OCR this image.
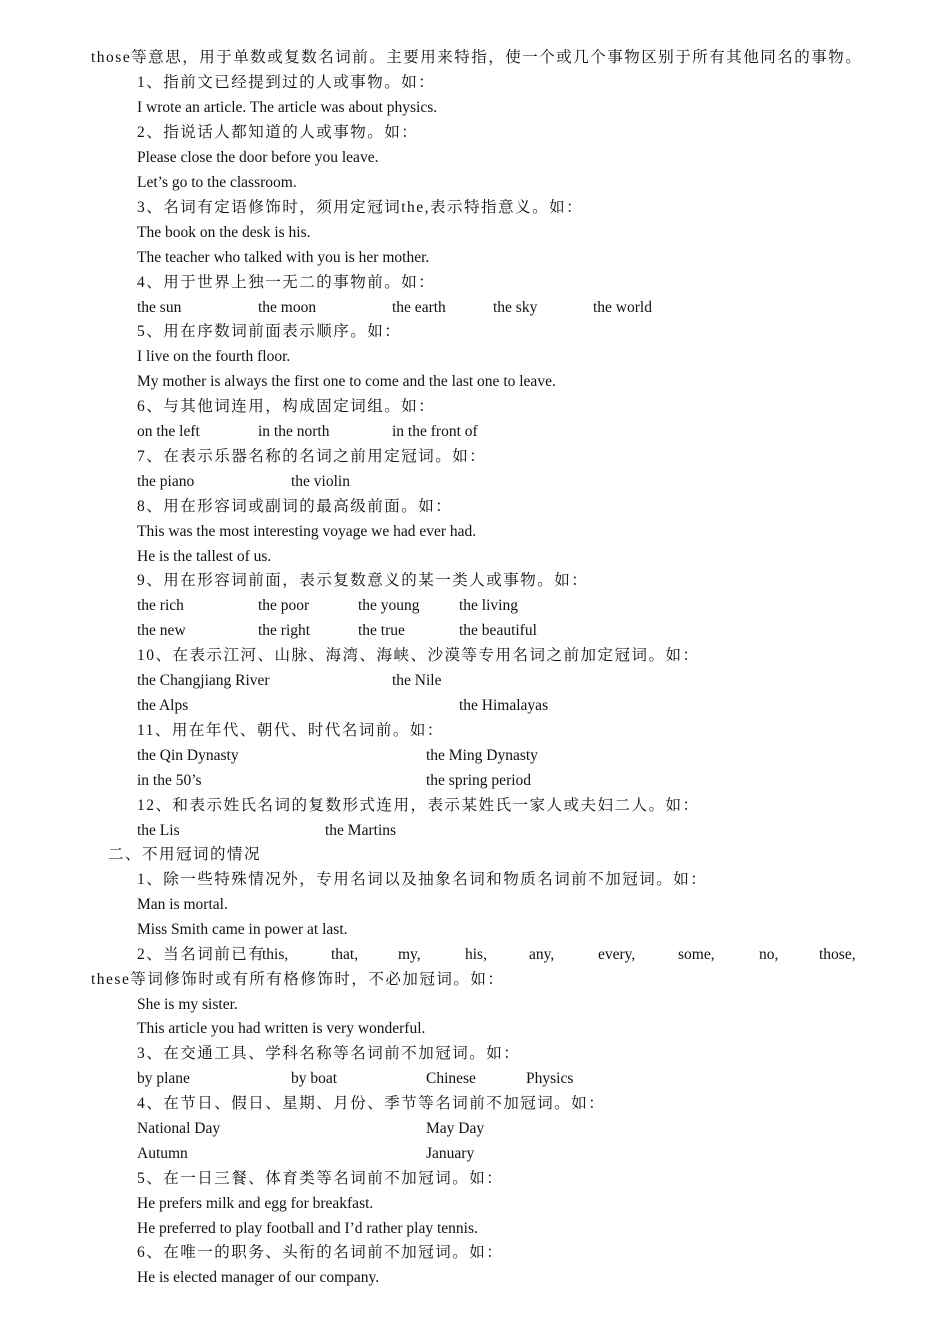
those等意思，用于单数或复数名词前。主要用来特指，使一个或几个事物区别于所有其他同名的事物。
1、指前文已经提到过的人或事物。如：
I wrote an article. The article was about physics.
2、指说话人都知道的人或事物。如：
Please close the door before you leave.
Let’s go to the classroom.
3、名词有定语修饰时，须用定冠词the,表示特指意义。如：
The book on the desk is his.
The teacher who talked with you is her mother.
4、用于世界上独一无二的事物前。如：
the sun	the moon	the earth	the sky	the world
5、用在序数词前面表示顺序。如：
I live on the fourth floor.
My mother is always the first one to come and the last one to leave.
6、与其他词连用，构成固定词组。如：
on the left	in the north	in the front of
7、在表示乐器名称的名词之前用定冠词。如：
the piano	the violin
8、用在形容词或副词的最高级前面。如：
This was the most interesting voyage we had ever had.
He is the tallest of us.
9、用在形容词前面，表示复数意义的某一类人或事物。如：
the rich	the poor	the young	the living
the new	the right	the true	the beautiful
10、在表示江河、山脉、海湾、海峡、沙漠等专用名词之前加定冠词。如：
the Changjiang River	the Nile
the Alps	the Himalayas
11、用在年代、朝代、时代名词前。如：
the Qin Dynasty	the Ming Dynasty
in the 50’s	the spring period
12、和表示姓氏名词的复数形式连用，表示某姓氏一家人或夫妇二人。如：
the Lis	the Martins
二、不用冠词的情况
1、除一些特殊情况外，专用名词以及抽象名词和物质名词前不加冠词。如：
Man is mortal.
Miss Smith came in power at last.
2、当名词前已有
this,	that,	my,	his,	any,	every,	some,	no,	those,
these等词修饰时或有所有格修饰时，不必加冠词。如：
She is my sister.
This article you had written is very wonderful.
3、在交通工具、学科名称等名词前不加冠词。如：
by plane	by boat	Chinese	Physics
4、在节日、假日、星期、月份、季节等名词前不加冠词。如：
National Day	May Day
Autumn	January
5、在一日三餐、体育类等名词前不加冠词。如：
He prefers milk and egg for breakfast.
He preferred to play football and I’d rather play tennis.
6、在唯一的职务、头衔的名词前不加冠词。如：
He is elected manager of our company.
